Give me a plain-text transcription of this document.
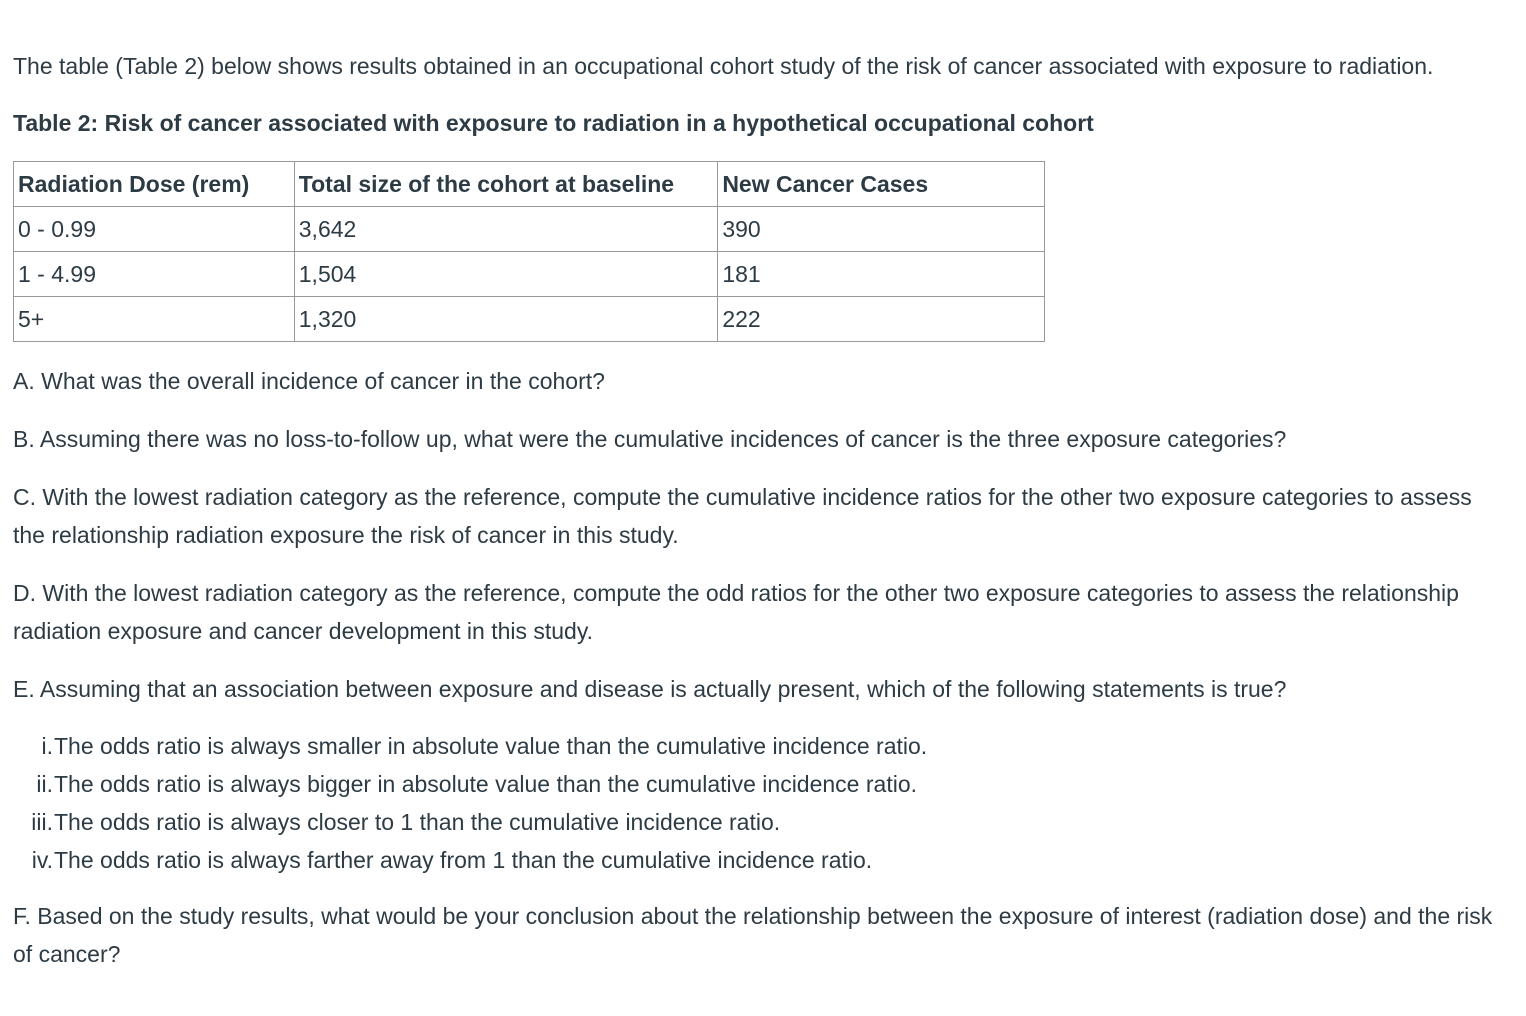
The table (Table 2) below shows results obtained in an occupational cohort study of the risk of cancer associated with exposure to radiation.

Table 2: Risk of cancer associated with exposure to radiation in a hypothetical occupational cohort

Radiation Dose (rem)	Total size of the cohort at baseline	New Cancer Cases
0 - 0.99	3,642	390
1 - 4.99	1,504	181
5+	1,320	222

A. What was the overall incidence of cancer in the cohort?

B. Assuming there was no loss-to-follow up, what were the cumulative incidences of cancer is the three exposure categories?

C. With the lowest radiation category as the reference, compute the cumulative incidence ratios for the other two exposure categories to assess the relationship radiation exposure the risk of cancer in this study.

D. With the lowest radiation category as the reference, compute the odd ratios for the other two exposure categories to assess the relationship radiation exposure and cancer development in this study.

E. Assuming that an association between exposure and disease is actually present, which of the following statements is true?

i. The odds ratio is always smaller in absolute value than the cumulative incidence ratio.
ii. The odds ratio is always bigger in absolute value than the cumulative incidence ratio.
iii. The odds ratio is always closer to 1 than the cumulative incidence ratio.
iv. The odds ratio is always farther away from 1 than the cumulative incidence ratio.

F. Based on the study results, what would be your conclusion about the relationship between the exposure of interest (radiation dose) and the risk of cancer?
